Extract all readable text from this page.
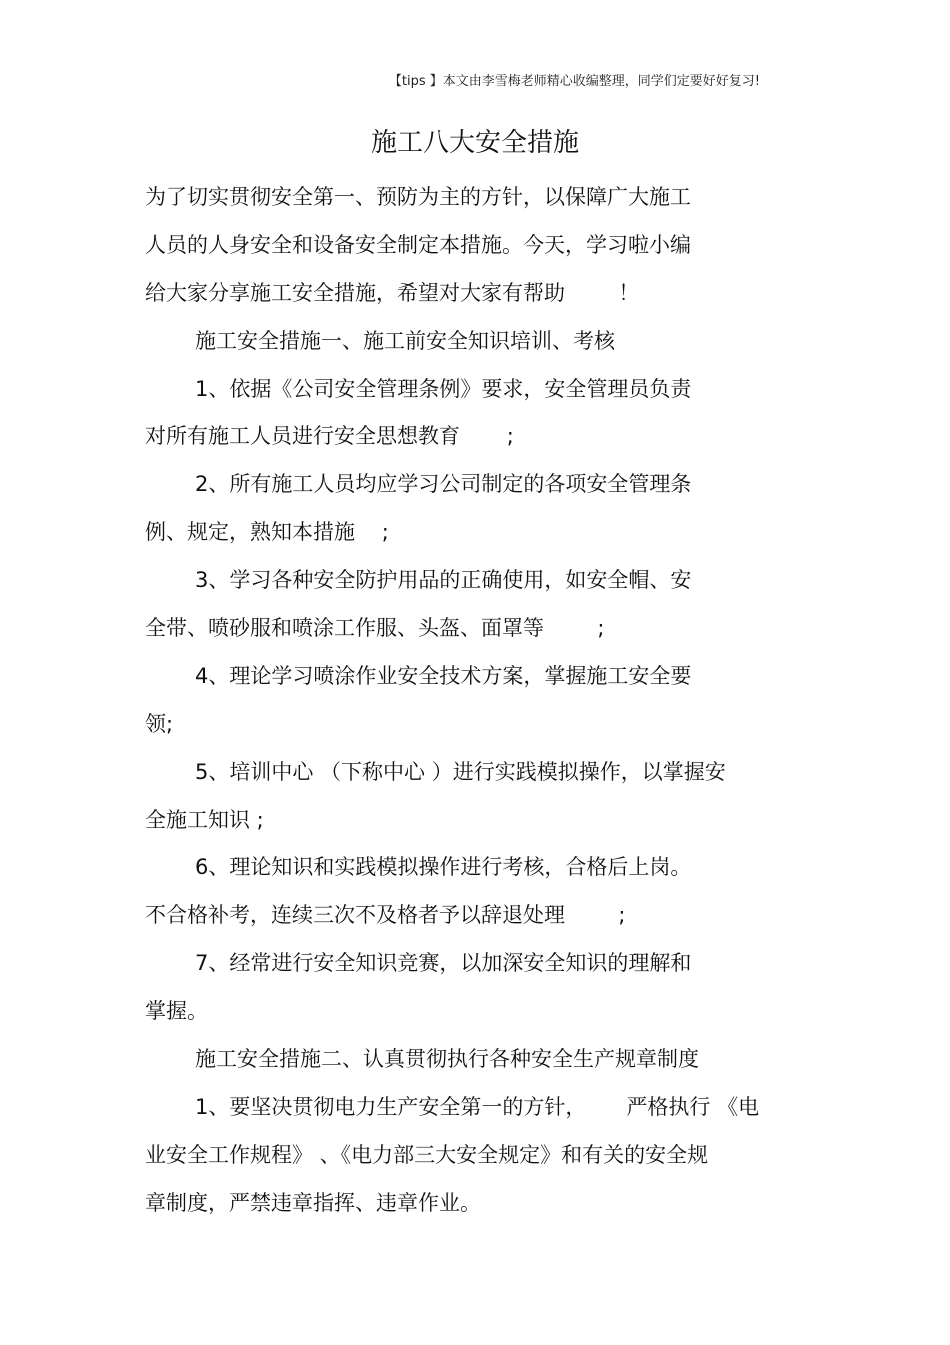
【tips 】本文由李雪梅老师精心收编整理，同学们定要好好复习!
施工八大安全措施
为了切实贯彻安全第一、预防为主的方针，以保障广大施工
人员的人身安全和设备安全制定本措施。今天，学习啦小编
给大家分享施工安全措施，希望对大家有帮助        ！
施工安全措施一、施工前安全知识培训、考核
1、依据《公司安全管理条例》要求，安全管理员负责
对所有施工人员进行安全思想教育       ;
2、所有施工人员均应学习公司制定的各项安全管理条
例、规定，熟知本措施    ;
3、学习各种安全防护用品的正确使用，如安全帽、安
全带、喷砂服和喷涂工作服、头盔、面罩等        ;
4、理论学习喷涂作业安全技术方案，掌握施工安全要
领;
5、培训中心 （下称中心 ）进行实践模拟操作，以掌握安
全施工知识 ;
6、理论知识和实践模拟操作进行考核，合格后上岗。
不合格补考，连续三次不及格者予以辞退处理        ;
7、经常进行安全知识竞赛，以加深安全知识的理解和
掌握。
施工安全措施二、认真贯彻执行各种安全生产规章制度
1、要坚决贯彻电力生产安全第一的方针，      严格执行 《电
业安全工作规程》 、《电力部三大安全规定》和有关的安全规
章制度，严禁违章指挥、违章作业。
